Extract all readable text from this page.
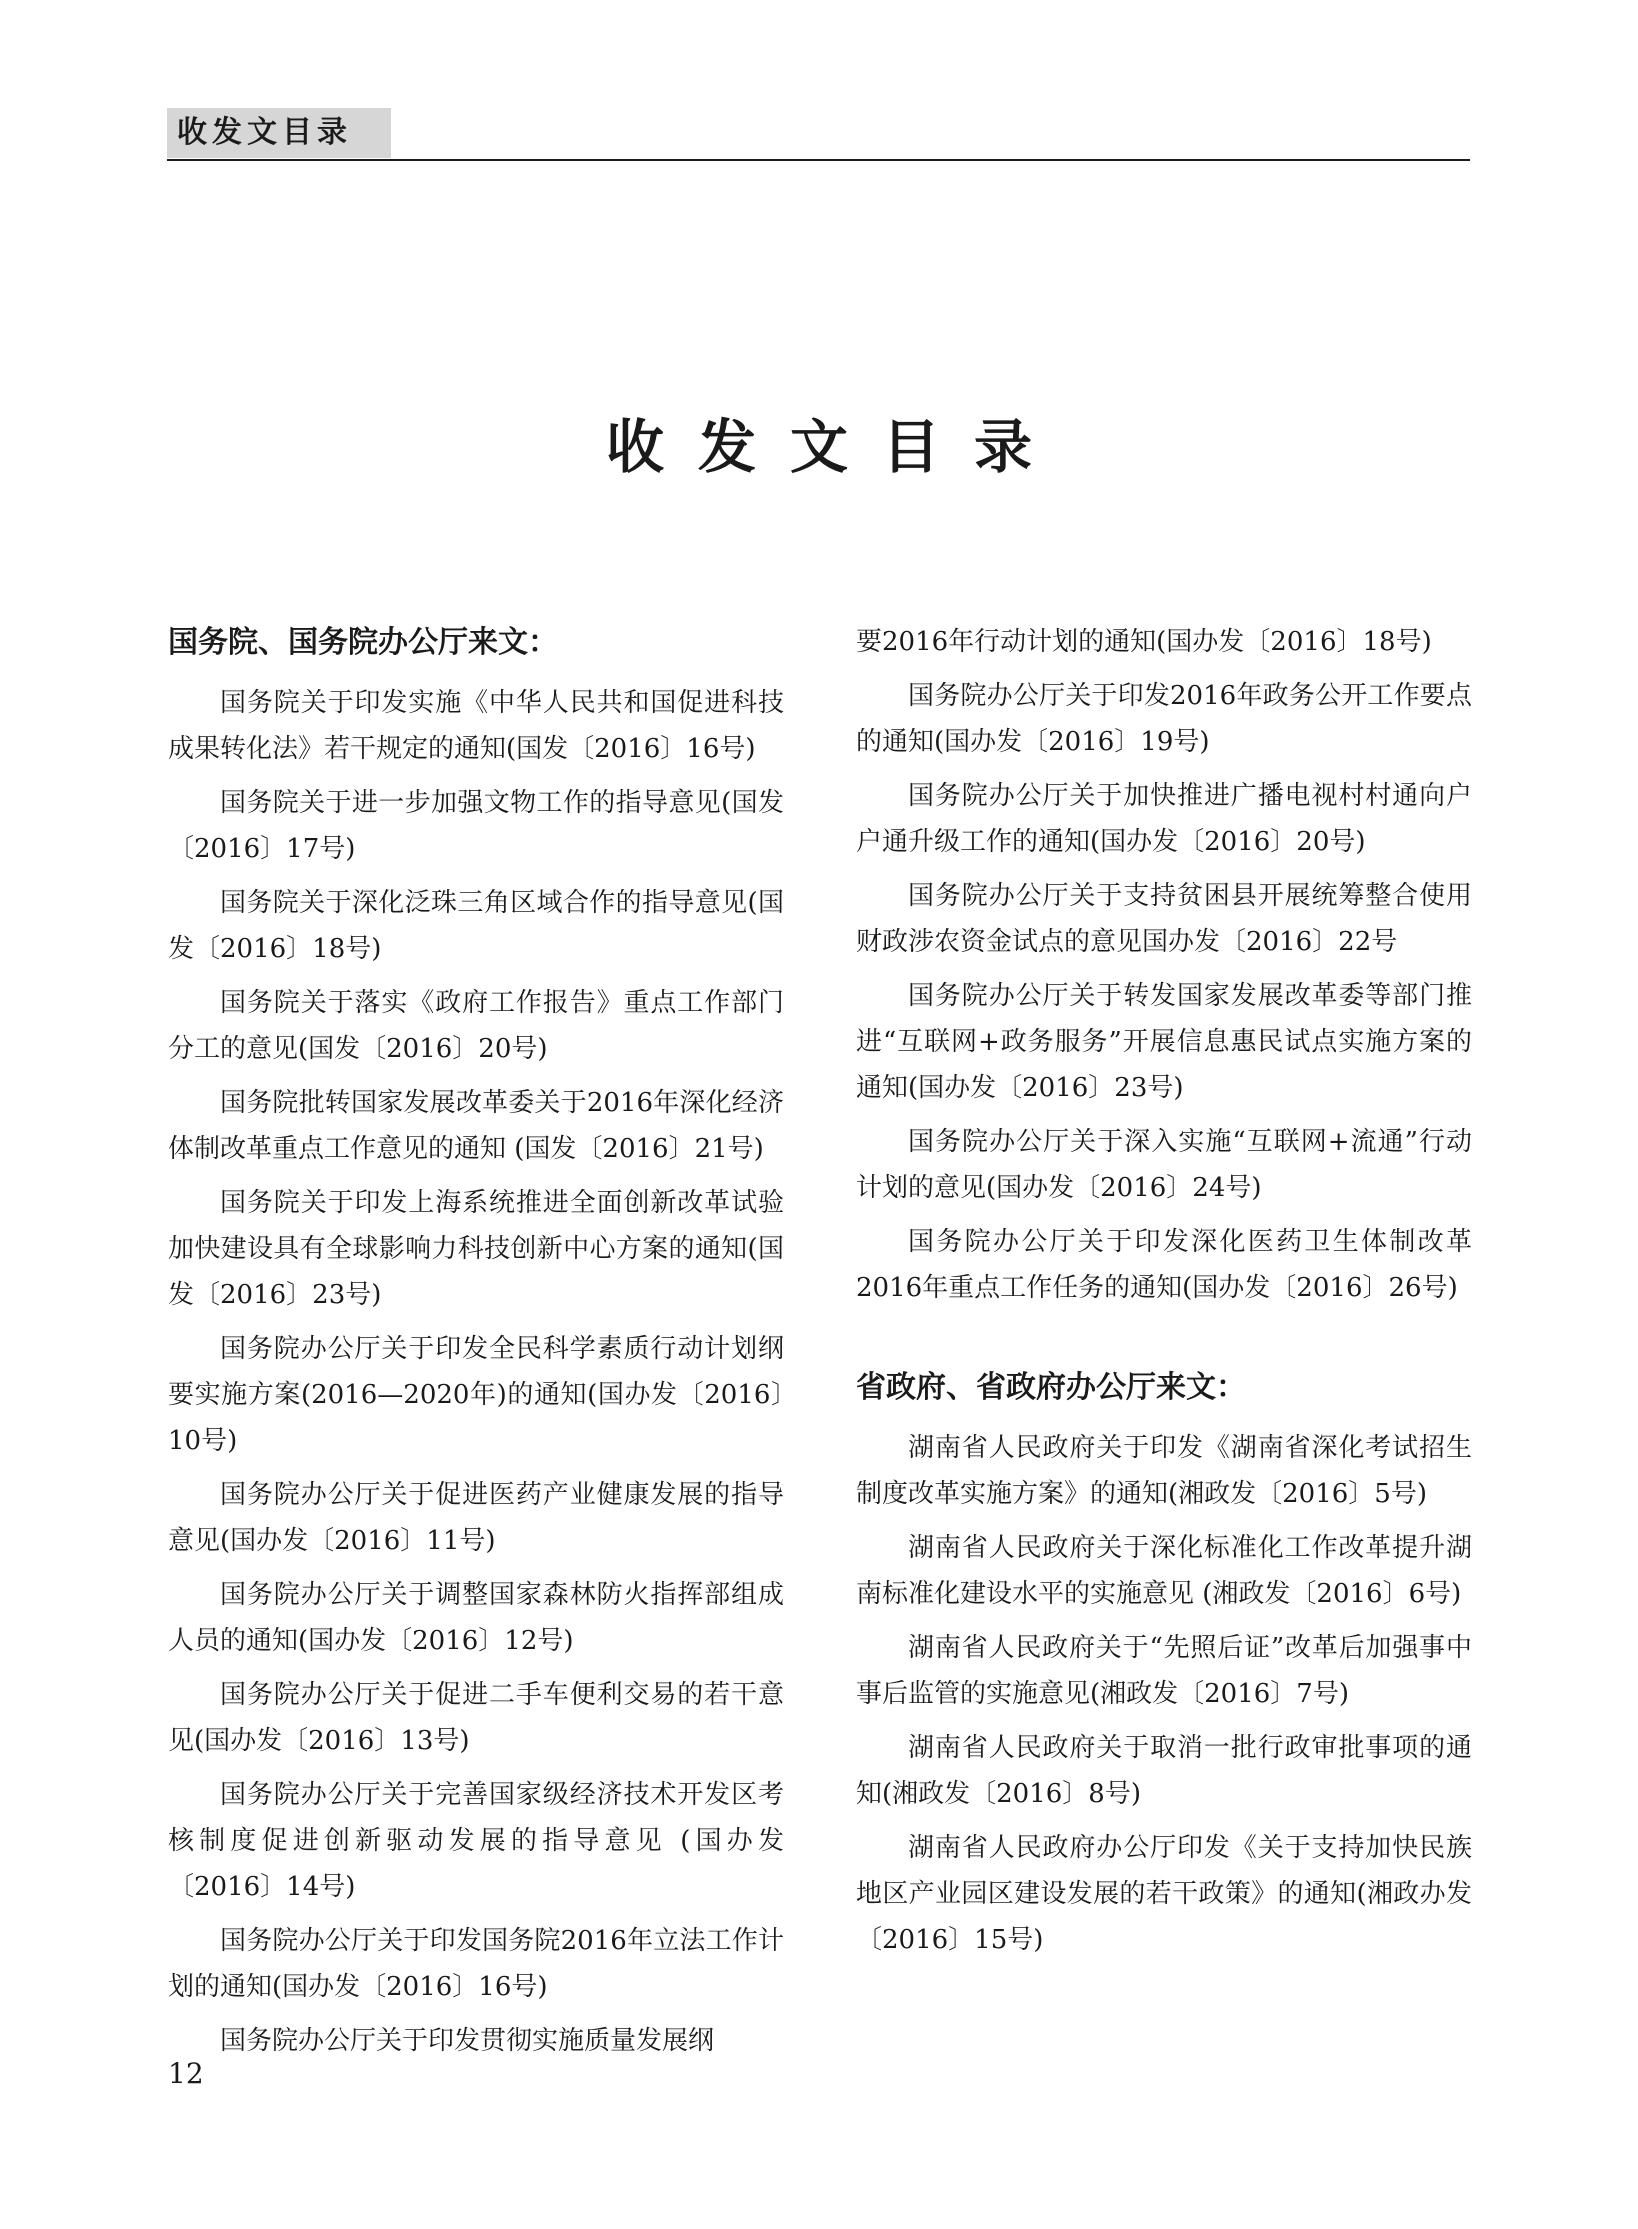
收发文目录
收发文目录
国务院、国务院办公厅来文：

国务院关于印发实施《中华人民共和国促进科技成果转化法》若干规定的通知(国发〔2016〕16号)

国务院关于进一步加强文物工作的指导意见(国发〔2016〕17号)

国务院关于深化泛珠三角区域合作的指导意见(国发〔2016〕18号)

国务院关于落实《政府工作报告》重点工作部门分工的意见(国发〔2016〕20号)

国务院批转国家发展改革委关于2016年深化经济体制改革重点工作意见的通知 (国发〔2016〕21号)

国务院关于印发上海系统推进全面创新改革试验加快建设具有全球影响力科技创新中心方案的通知(国发〔2016〕23号)

国务院办公厅关于印发全民科学素质行动计划纲要实施方案(2016—2020年)的通知(国办发〔2016〕10号)

国务院办公厅关于促进医药产业健康发展的指导意见(国办发〔2016〕11号)

国务院办公厅关于调整国家森林防火指挥部组成人员的通知(国办发〔2016〕12号)

国务院办公厅关于促进二手车便利交易的若干意见(国办发〔2016〕13号)

国务院办公厅关于完善国家级经济技术开发区考核制度促进创新驱动发展的指导意见 (国办发〔2016〕14号)

国务院办公厅关于印发国务院2016年立法工作计划的通知(国办发〔2016〕16号)

国务院办公厅关于印发贯彻实施质量发展纲

要2016年行动计划的通知(国办发〔2016〕18号)

国务院办公厅关于印发2016年政务公开工作要点的通知(国办发〔2016〕19号)

国务院办公厅关于加快推进广播电视村村通向户户通升级工作的通知(国办发〔2016〕20号)

国务院办公厅关于支持贫困县开展统筹整合使用财政涉农资金试点的意见国办发〔2016〕22号

国务院办公厅关于转发国家发展改革委等部门推进“互联网+政务服务”开展信息惠民试点实施方案的通知(国办发〔2016〕23号)

国务院办公厅关于深入实施“互联网+流通”行动计划的意见(国办发〔2016〕24号)

国务院办公厅关于印发深化医药卫生体制改革2016年重点工作任务的通知(国办发〔2016〕26号)

省政府、省政府办公厅来文：

湖南省人民政府关于印发《湖南省深化考试招生制度改革实施方案》的通知(湘政发〔2016〕5号)

湖南省人民政府关于深化标准化工作改革提升湖南标准化建设水平的实施意见 (湘政发〔2016〕6号)

湖南省人民政府关于“先照后证”改革后加强事中事后监管的实施意见(湘政发〔2016〕7号)

湖南省人民政府关于取消一批行政审批事项的通知(湘政发〔2016〕8号)

湖南省人民政府办公厅印发《关于支持加快民族地区产业园区建设发展的若干政策》的通知(湘政办发〔2016〕15号)

12
